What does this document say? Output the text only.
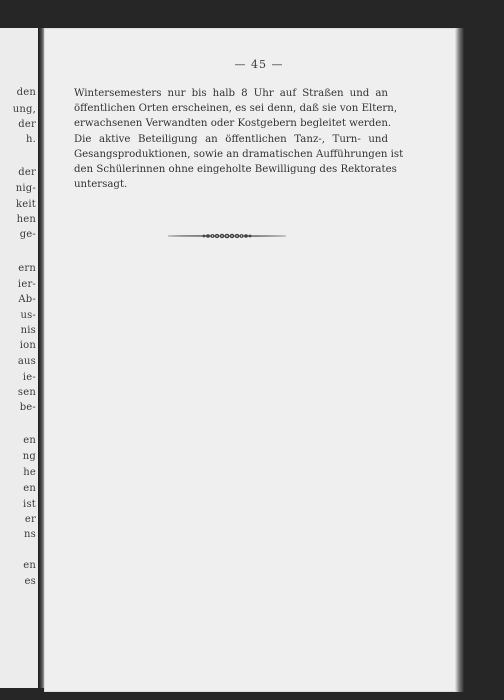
den
ung,
der
h.
der
nig-
keit
hen
ge-
ern
ier-
Ab-
us-
nis
ion
aus
ie-
sen
be-
en
ng
he
en
ist
er
ns
en
es
— 45 —
Wintersemesters nur bis halb 8 Uhr auf Straßen und an
öffentlichen Orten erscheinen, es sei denn, daß sie von Eltern,
erwachsenen Verwandten oder Kostgebern begleitet werden.
Die aktive Beteiligung an öffentlichen Tanz-, Turn- und
Gesangsproduktionen, sowie an dramatischen Aufführungen ist
den Schülerinnen ohne eingeholte Bewilligung des Rektorates
untersagt.
